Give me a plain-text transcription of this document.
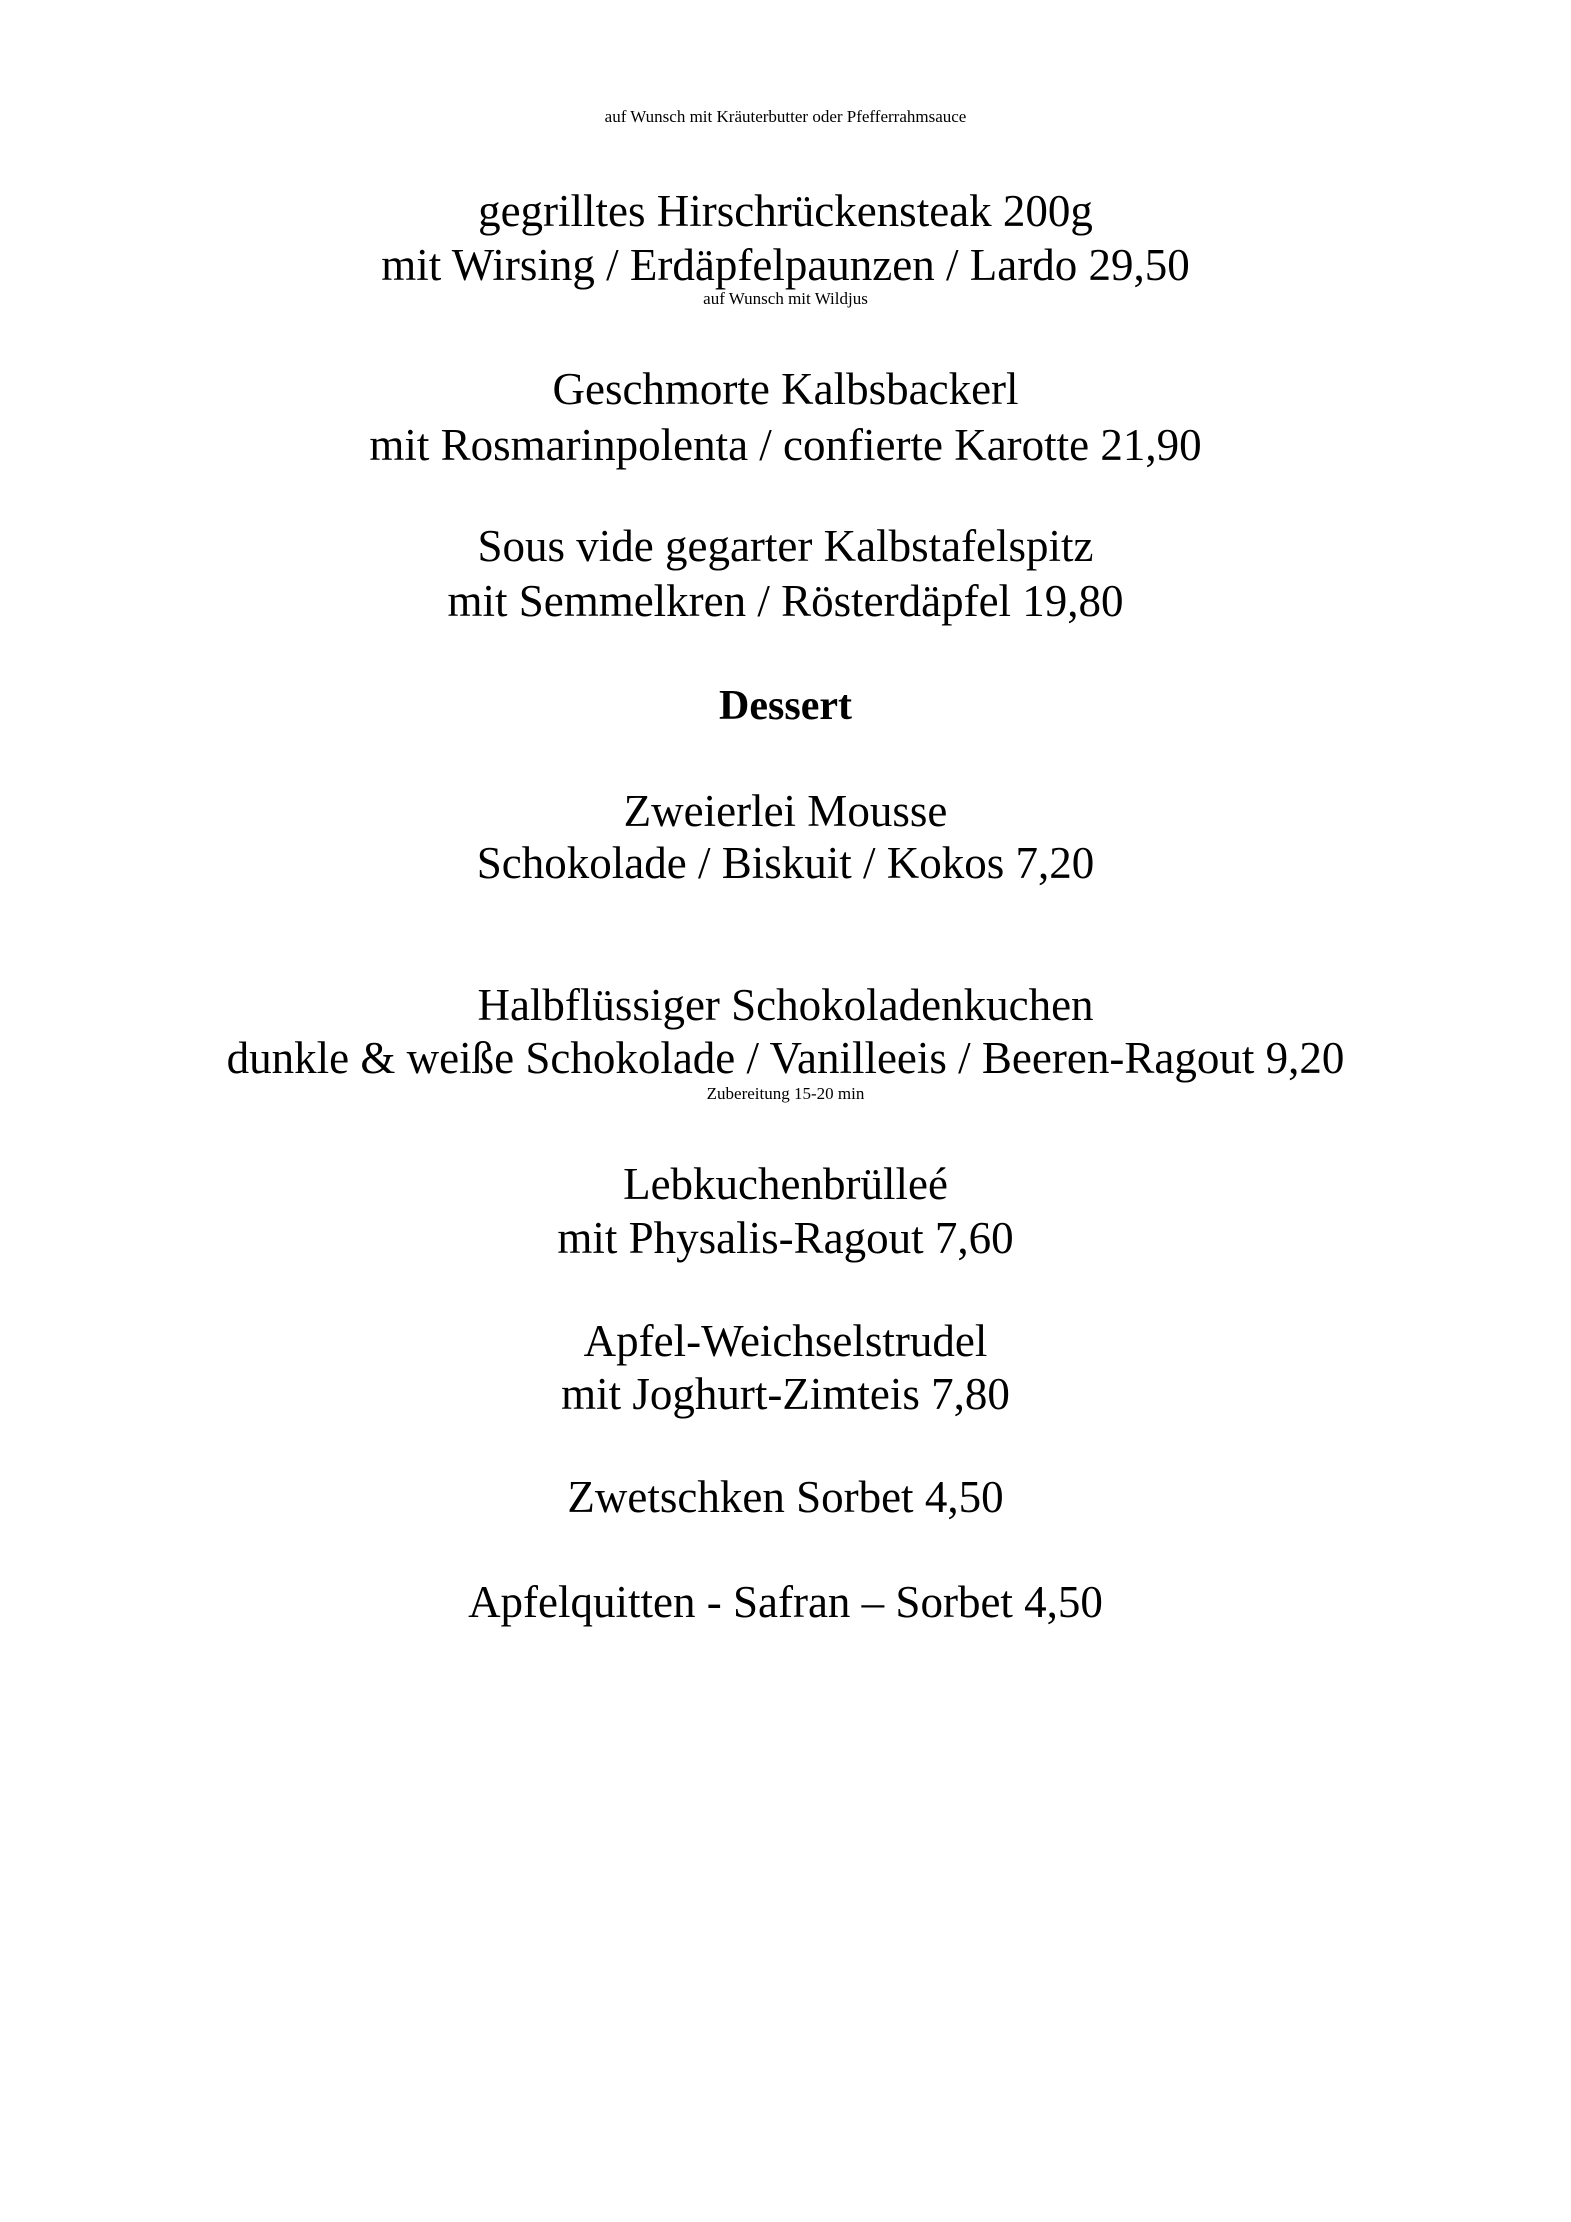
auf Wunsch mit Kräuterbutter oder Pfefferrahmsauce
gegrilltes Hirschrückensteak 200g
mit Wirsing / Erdäpfelpaunzen / Lardo 29,50
auf Wunsch mit Wildjus
Geschmorte Kalbsbackerl
mit Rosmarinpolenta / confierte Karotte 21,90
Sous vide gegarter Kalbstafelspitz
mit Semmelkren / Rösterdäpfel 19,80
Dessert
Zweierlei Mousse
Schokolade / Biskuit / Kokos 7,20
Halbflüssiger Schokoladenkuchen
dunkle & weiße Schokolade / Vanilleeis / Beeren-Ragout 9,20
Zubereitung 15-20 min
Lebkuchenbrülleé
mit Physalis-Ragout 7,60
Apfel-Weichselstrudel
mit Joghurt-Zimteis 7,80
Zwetschken Sorbet 4,50
Apfelquitten - Safran – Sorbet 4,50
